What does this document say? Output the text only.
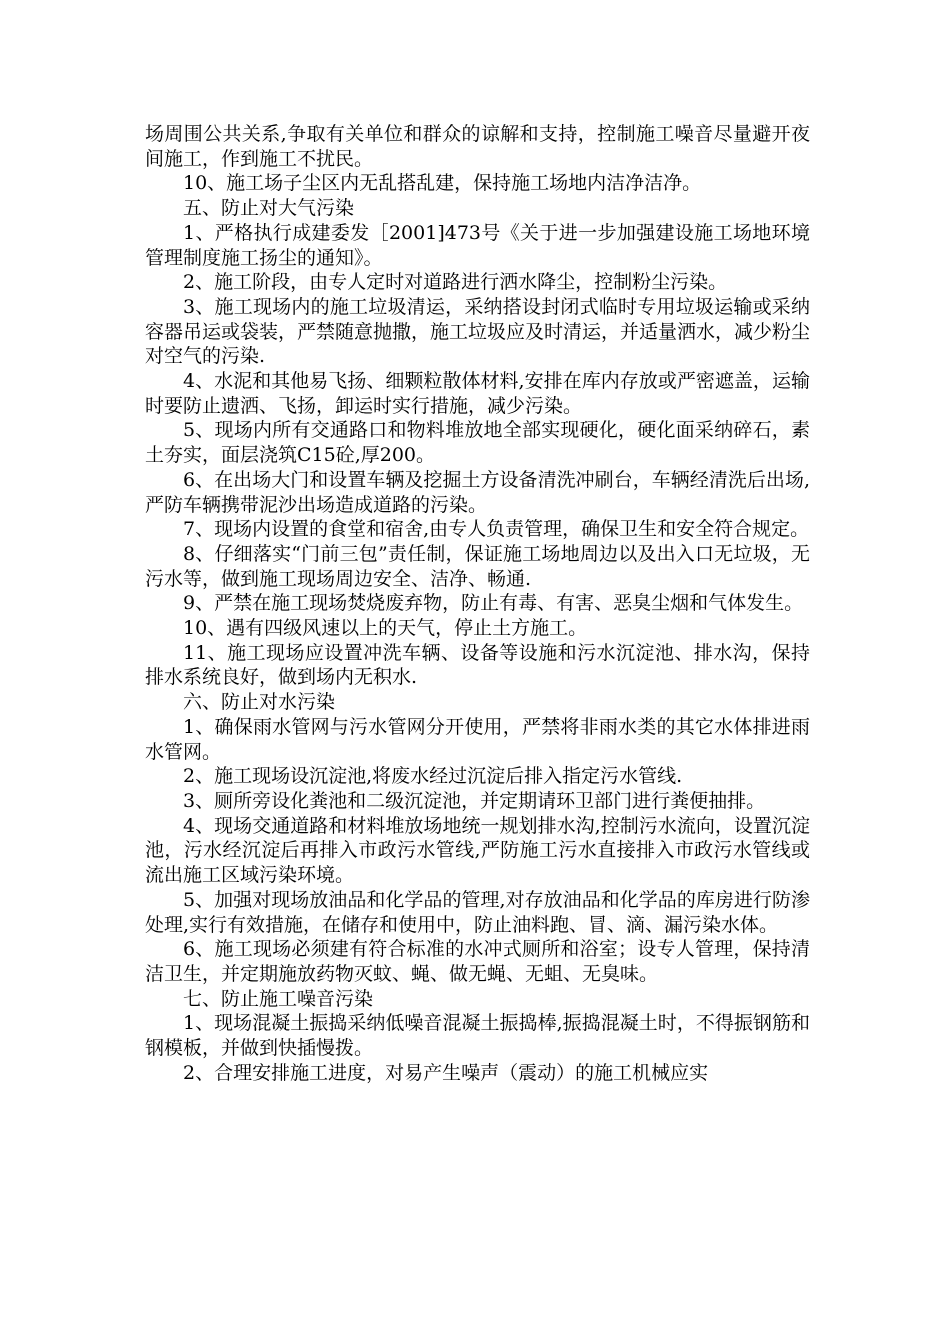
场周围公共关系,争取有关单位和群众的谅解和支持，控制施工噪音尽量避开夜间施工，作到施工不扰民。

10、施工场子尘区内无乱搭乱建，保持施工场地内洁净洁净。

五、防止对大气污染

1、严格执行成建委发［2001]473号《关于进一步加强建设施工场地环境管理制度施工扬尘的通知》。

2、施工阶段，由专人定时对道路进行洒水降尘，控制粉尘污染。

3、施工现场内的施工垃圾清运，采纳搭设封闭式临时专用垃圾运输或采纳容器吊运或袋装，严禁随意抛撒，施工垃圾应及时清运，并适量洒水，减少粉尘对空气的污染.

4、水泥和其他易飞扬、细颗粒散体材料,安排在库内存放或严密遮盖，运输时要防止遗洒、飞扬，卸运时实行措施，减少污染。

5、现场内所有交通路口和物料堆放地全部实现硬化，硬化面采纳碎石，素土夯实，面层浇筑C15砼,厚200。

6、在出场大门和设置车辆及挖掘土方设备清洗冲刷台，车辆经清洗后出场,严防车辆携带泥沙出场造成道路的污染。

7、现场内设置的食堂和宿舍,由专人负责管理，确保卫生和安全符合规定。

8、仔细落实“门前三包”责任制，保证施工场地周边以及出入口无垃圾，无污水等，做到施工现场周边安全、洁净、畅通.

9、严禁在施工现场焚烧废弃物，防止有毒、有害、恶臭尘烟和气体发生。

10、遇有四级风速以上的天气，停止土方施工。

11、施工现场应设置冲洗车辆、设备等设施和污水沉淀池、排水沟，保持排水系统良好，做到场内无积水.

六、防止对水污染

1、确保雨水管网与污水管网分开使用，严禁将非雨水类的其它水体排进雨水管网。

2、施工现场设沉淀池,将废水经过沉淀后排入指定污水管线.

3、厕所旁设化粪池和二级沉淀池，并定期请环卫部门进行粪便抽排。

4、现场交通道路和材料堆放场地统一规划排水沟,控制污水流向，设置沉淀池，污水经沉淀后再排入市政污水管线,严防施工污水直接排入市政污水管线或流出施工区域污染环境。

5、加强对现场放油品和化学品的管理,对存放油品和化学品的库房进行防渗处理,实行有效措施，在储存和使用中，防止油料跑、冒、滴、漏污染水体。

6、施工现场必须建有符合标准的水冲式厕所和浴室；设专人管理，保持清洁卫生，并定期施放药物灭蚊、蝇、做无蝇、无蛆、无臭味。

七、防止施工噪音污染

1、现场混凝土振捣采纳低噪音混凝土振捣棒,振捣混凝土时，不得振钢筋和钢模板，并做到快插慢拨。

2、合理安排施工进度，对易产生噪声（震动）的施工机械应实
